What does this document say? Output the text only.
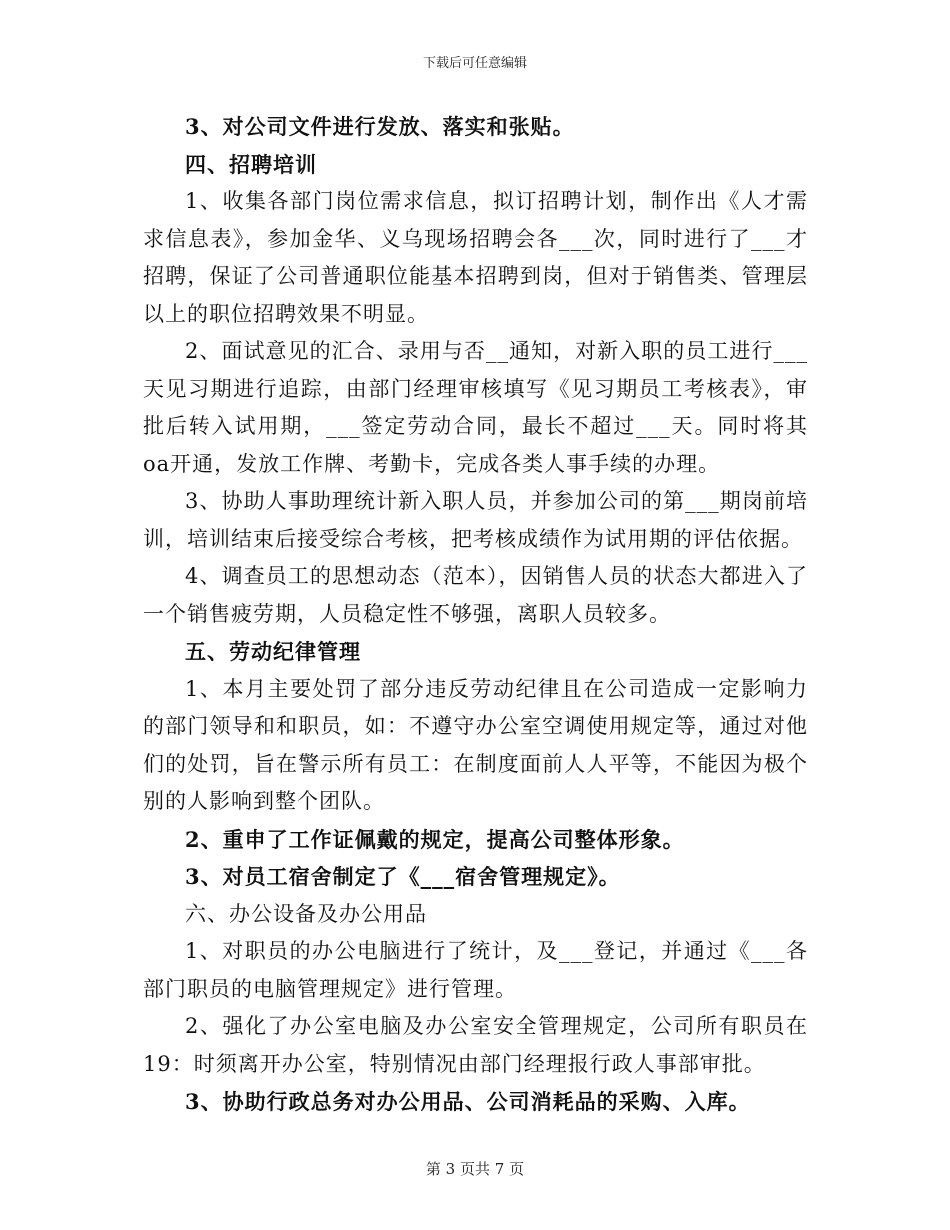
下载后可任意编辑

3、对公司文件进行发放、落实和张贴。

四、招聘培训

1、收集各部门岗位需求信息，拟订招聘计划，制作出《人才需求信息表》，参加金华、义乌现场招聘会各___次，同时进行了___才招聘，保证了公司普通职位能基本招聘到岗，但对于销售类、管理层以上的职位招聘效果不明显。

2、面试意见的汇合、录用与否__通知，对新入职的员工进行___天见习期进行追踪，由部门经理审核填写《见习期员工考核表》，审批后转入试用期，___签定劳动合同，最长不超过___天。同时将其oa开通，发放工作牌、考勤卡，完成各类人事手续的办理。

3、协助人事助理统计新入职人员，并参加公司的第___期岗前培训，培训结束后接受综合考核，把考核成绩作为试用期的评估依据。

4、调查员工的思想动态（范本），因销售人员的状态大都进入了一个销售疲劳期，人员稳定性不够强，离职人员较多。

五、劳动纪律管理

1、本月主要处罚了部分违反劳动纪律且在公司造成一定影响力的部门领导和和职员，如：不遵守办公室空调使用规定等，通过对他们的处罚，旨在警示所有员工：在制度面前人人平等，不能因为极个别的人影响到整个团队。

2、重申了工作证佩戴的规定，提高公司整体形象。

3、对员工宿舍制定了《___宿舍管理规定》。

六、办公设备及办公用品

1、对职员的办公电脑进行了统计，及___登记，并通过《___各部门职员的电脑管理规定》进行管理。

2、强化了办公室电脑及办公室安全管理规定，公司所有职员在19：时须离开办公室，特别情况由部门经理报行政人事部审批。

3、协助行政总务对办公用品、公司消耗品的采购、入库。

第 3 页共 7 页
